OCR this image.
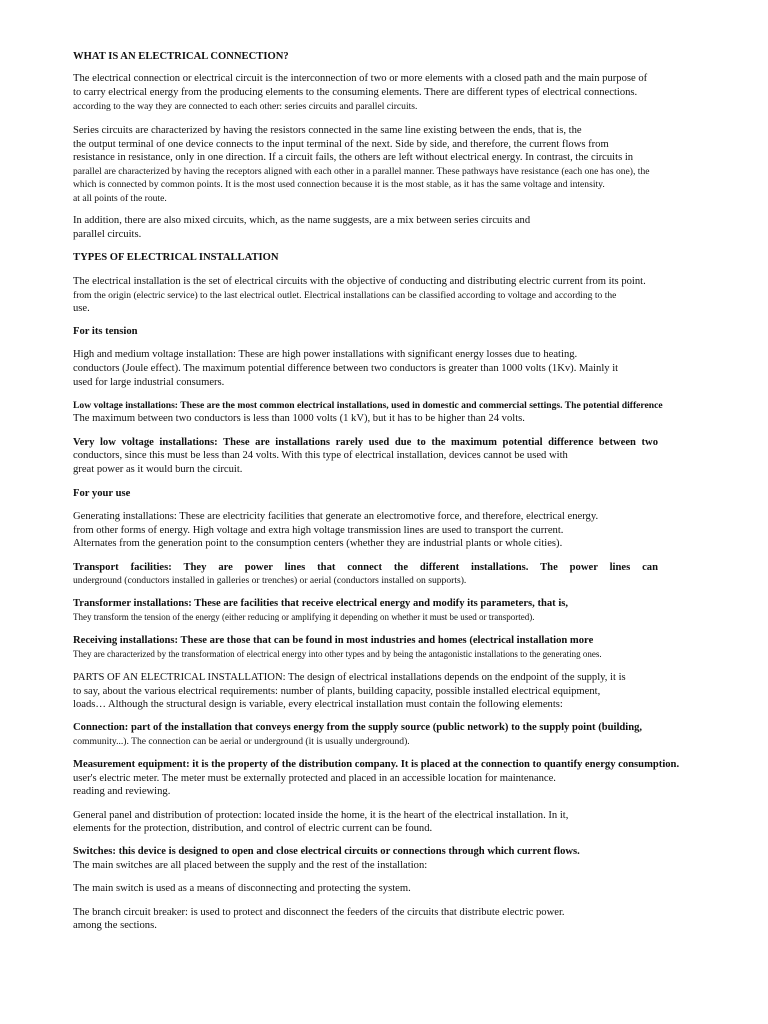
WHAT IS AN ELECTRICAL CONNECTION?
The electrical connection or electrical circuit is the interconnection of two or more elements with a closed path and the main purpose of
to carry electrical energy from the producing elements to the consuming elements. There are different types of electrical connections.
according to the way they are connected to each other: series circuits and parallel circuits.
Series circuits are characterized by having the resistors connected in the same line existing between the ends, that is, the
the output terminal of one device connects to the input terminal of the next. Side by side, and therefore, the current flows from
resistance in resistance, only in one direction. If a circuit fails, the others are left without electrical energy. In contrast, the circuits in
parallel are characterized by having the receptors aligned with each other in a parallel manner. These pathways have resistance (each one has one), the
which is connected by common points. It is the most used connection because it is the most stable, as it has the same voltage and intensity.
at all points of the route.
In addition, there are also mixed circuits, which, as the name suggests, are a mix between series circuits and
parallel circuits.
TYPES OF ELECTRICAL INSTALLATION
The electrical installation is the set of electrical circuits with the objective of conducting and distributing electric current from its point.
from the origin (electric service) to the last electrical outlet. Electrical installations can be classified according to voltage and according to the
use.
For its tension
High and medium voltage installation: These are high power installations with significant energy losses due to heating.
conductors (Joule effect). The maximum potential difference between two conductors is greater than 1000 volts (1Kv). Mainly it
used for large industrial consumers.
Low voltage installations: These are the most common electrical installations, used in domestic and commercial settings. The potential difference
The maximum between two conductors is less than 1000 volts (1 kV), but it has to be higher than 24 volts.
Very low voltage installations: These are installations rarely used due to the maximum potential difference between two
conductors, since this must be less than 24 volts. With this type of electrical installation, devices cannot be used with
great power as it would burn the circuit.
For your use
Generating installations: These are electricity facilities that generate an electromotive force, and therefore, electrical energy.
from other forms of energy. High voltage and extra high voltage transmission lines are used to transport the current.
Alternates from the generation point to the consumption centers (whether they are industrial plants or whole cities).
Transport facilities: They are power lines that connect the different installations. The power lines can
underground (conductors installed in galleries or trenches) or aerial (conductors installed on supports).
Transformer installations: These are facilities that receive electrical energy and modify its parameters, that is,
They transform the tension of the energy (either reducing or amplifying it depending on whether it must be used or transported).
Receiving installations: These are those that can be found in most industries and homes (electrical installation more
They are characterized by the transformation of electrical energy into other types and by being the antagonistic installations to the generating ones.
PARTS OF AN ELECTRICAL INSTALLATION: The design of electrical installations depends on the endpoint of the supply, it is
to say, about the various electrical requirements: number of plants, building capacity, possible installed electrical equipment,
loads… Although the structural design is variable, every electrical installation must contain the following elements:
Connection: part of the installation that conveys energy from the supply source (public network) to the supply point (building,
community...). The connection can be aerial or underground (it is usually underground).
Measurement equipment: it is the property of the distribution company. It is placed at the connection to quantify energy consumption.
user's electric meter. The meter must be externally protected and placed in an accessible location for maintenance.
reading and reviewing.
General panel and distribution of protection: located inside the home, it is the heart of the electrical installation. In it,
elements for the protection, distribution, and control of electric current can be found.
Switches: this device is designed to open and close electrical circuits or connections through which current flows.
The main switches are all placed between the supply and the rest of the installation:
The main switch is used as a means of disconnecting and protecting the system.
The branch circuit breaker: is used to protect and disconnect the feeders of the circuits that distribute electric power.
among the sections.
